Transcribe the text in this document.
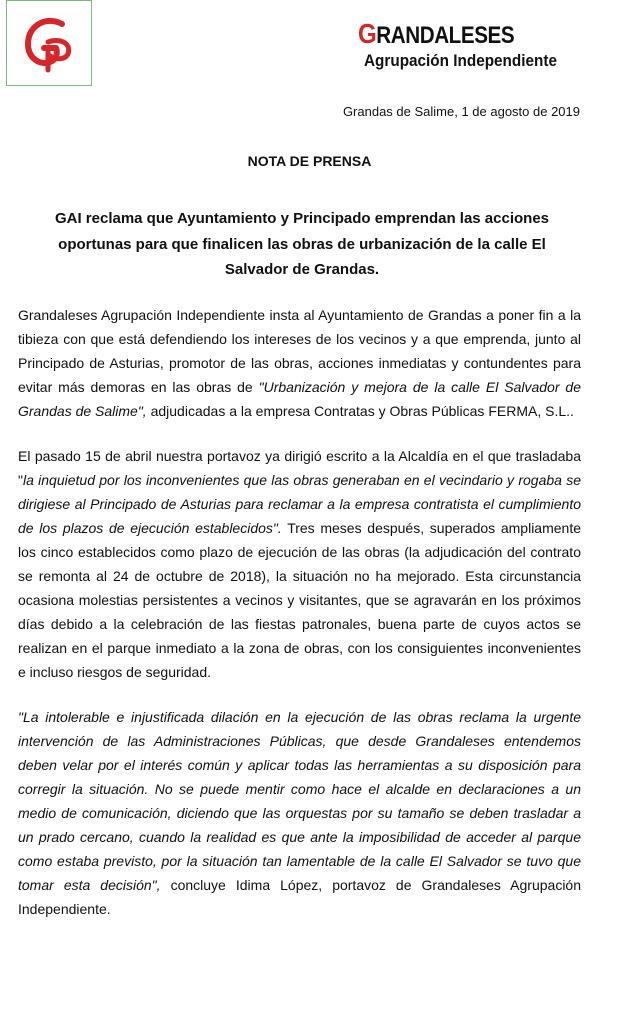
GRANDALESES
Agrupación Independiente
Grandas de Salime, 1 de agosto de 2019
NOTA DE PRENSA
GAI reclama que Ayuntamiento y Principado emprendan las acciones oportunas para que finalicen las obras de urbanización de la calle El Salvador de Grandas.

Grandaleses Agrupación Independiente insta al Ayuntamiento de Grandas a poner fin a la tibieza con que está defendiendo los intereses de los vecinos y a que emprenda, junto al Principado de Asturias, promotor de las obras, acciones inmediatas y contundentes para evitar más demoras en las obras de "Urbanización y mejora de la calle El Salvador de Grandas de Salime", adjudicadas a la empresa Contratas y Obras Públicas FERMA, S.L..

El pasado 15 de abril nuestra portavoz ya dirigió escrito a la Alcaldía en el que trasladaba "la inquietud por los inconvenientes que las obras generaban en el vecindario y rogaba se dirigiese al Principado de Asturias para reclamar a la empresa contratista el cumplimiento de los plazos de ejecución establecidos". Tres meses después, superados ampliamente los cinco establecidos como plazo de ejecución de las obras (la adjudicación del contrato se remonta al 24 de octubre de 2018), la situación no ha mejorado. Esta circunstancia ocasiona molestias persistentes a vecinos y visitantes, que se agravarán en los próximos días debido a la celebración de las fiestas patronales, buena parte de cuyos actos se realizan en el parque inmediato a la zona de obras, con los consiguientes inconvenientes e incluso riesgos de seguridad.

"La intolerable e injustificada dilación en la ejecución de las obras reclama la urgente intervención de las Administraciones Públicas, que desde Grandaleses entendemos deben velar por el interés común y aplicar todas las herramientas a su disposición para corregir la situación. No se puede mentir como hace el alcalde en declaraciones a un medio de comunicación, diciendo que las orquestas por su tamaño se deben trasladar a un prado cercano, cuando la realidad es que ante la imposibilidad de acceder al parque como estaba previsto, por la situación tan lamentable de la calle El Salvador se tuvo que tomar esta decisión", concluye Idima López, portavoz de Grandaleses Agrupación Independiente.
